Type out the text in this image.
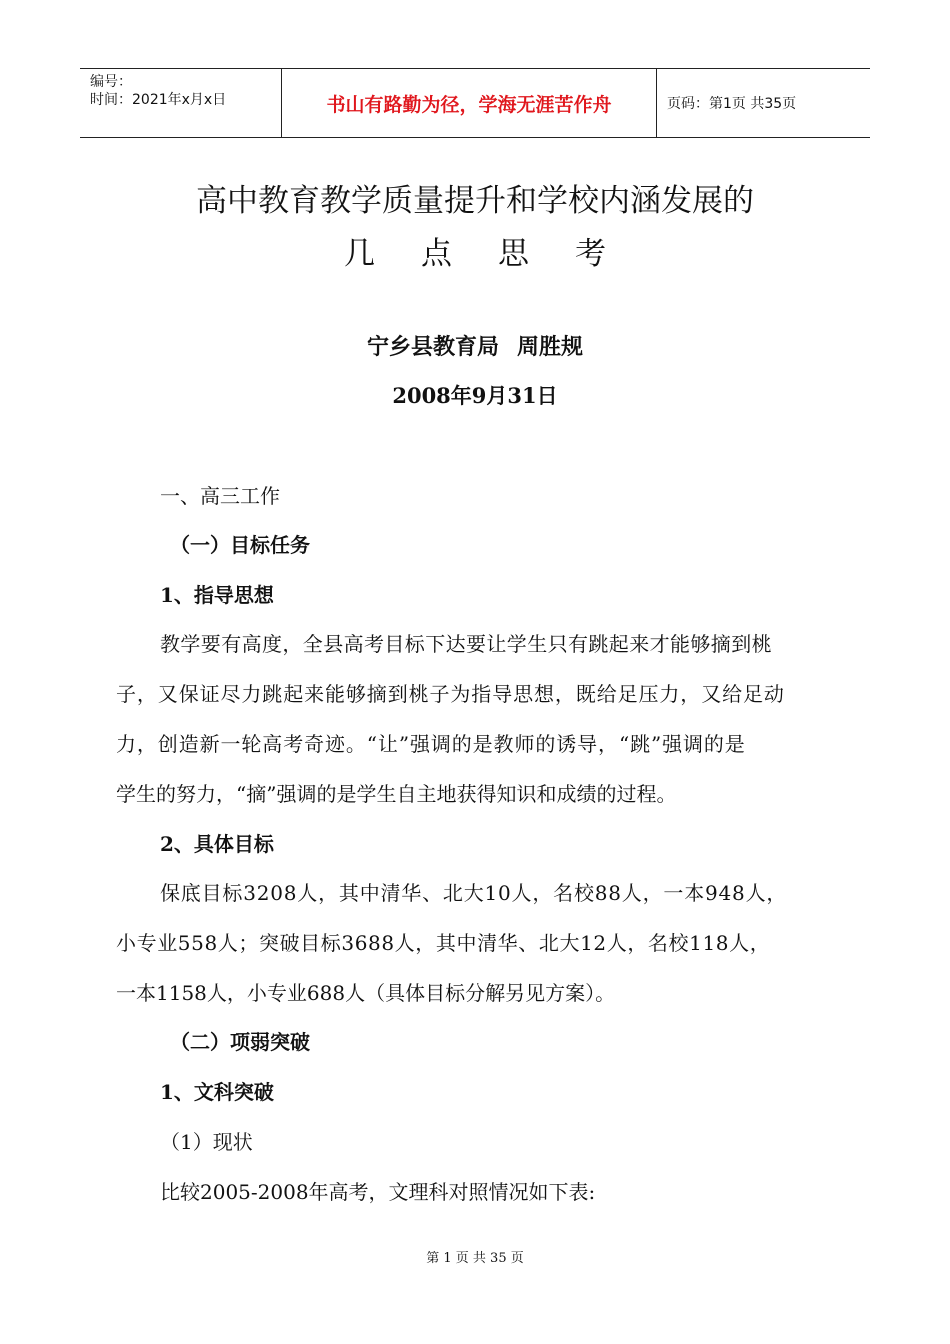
编号：
时间：2021年x月x日	书山有路勤为径，学海无涯苦作舟	页码：第1页 共35页
高中教育教学质量提升和学校内涵发展的
几点思考
宁乡县教育局 周胜规
2008年9月31日
一、高三工作
（一）目标任务
1、指导思想
教学要有高度，全县高考目标下达要让学生只有跳起来才能够摘到桃
子，又保证尽力跳起来能够摘到桃子为指导思想，既给足压力，又给足动
力，创造新一轮高考奇迹。“让”强调的是教师的诱导，“跳”强调的是
学生的努力，“摘”强调的是学生自主地获得知识和成绩的过程。
2、具体目标
保底目标3208人，其中清华、北大10人，名校88人，一本948人，
小专业558人；突破目标3688人，其中清华、北大12人，名校118人，
一本1158人，小专业688人（具体目标分解另见方案）。
（二）项弱突破
1、文科突破
（1）现状
比较2005-2008年高考，文理科对照情况如下表:
第 1 页 共 35 页
